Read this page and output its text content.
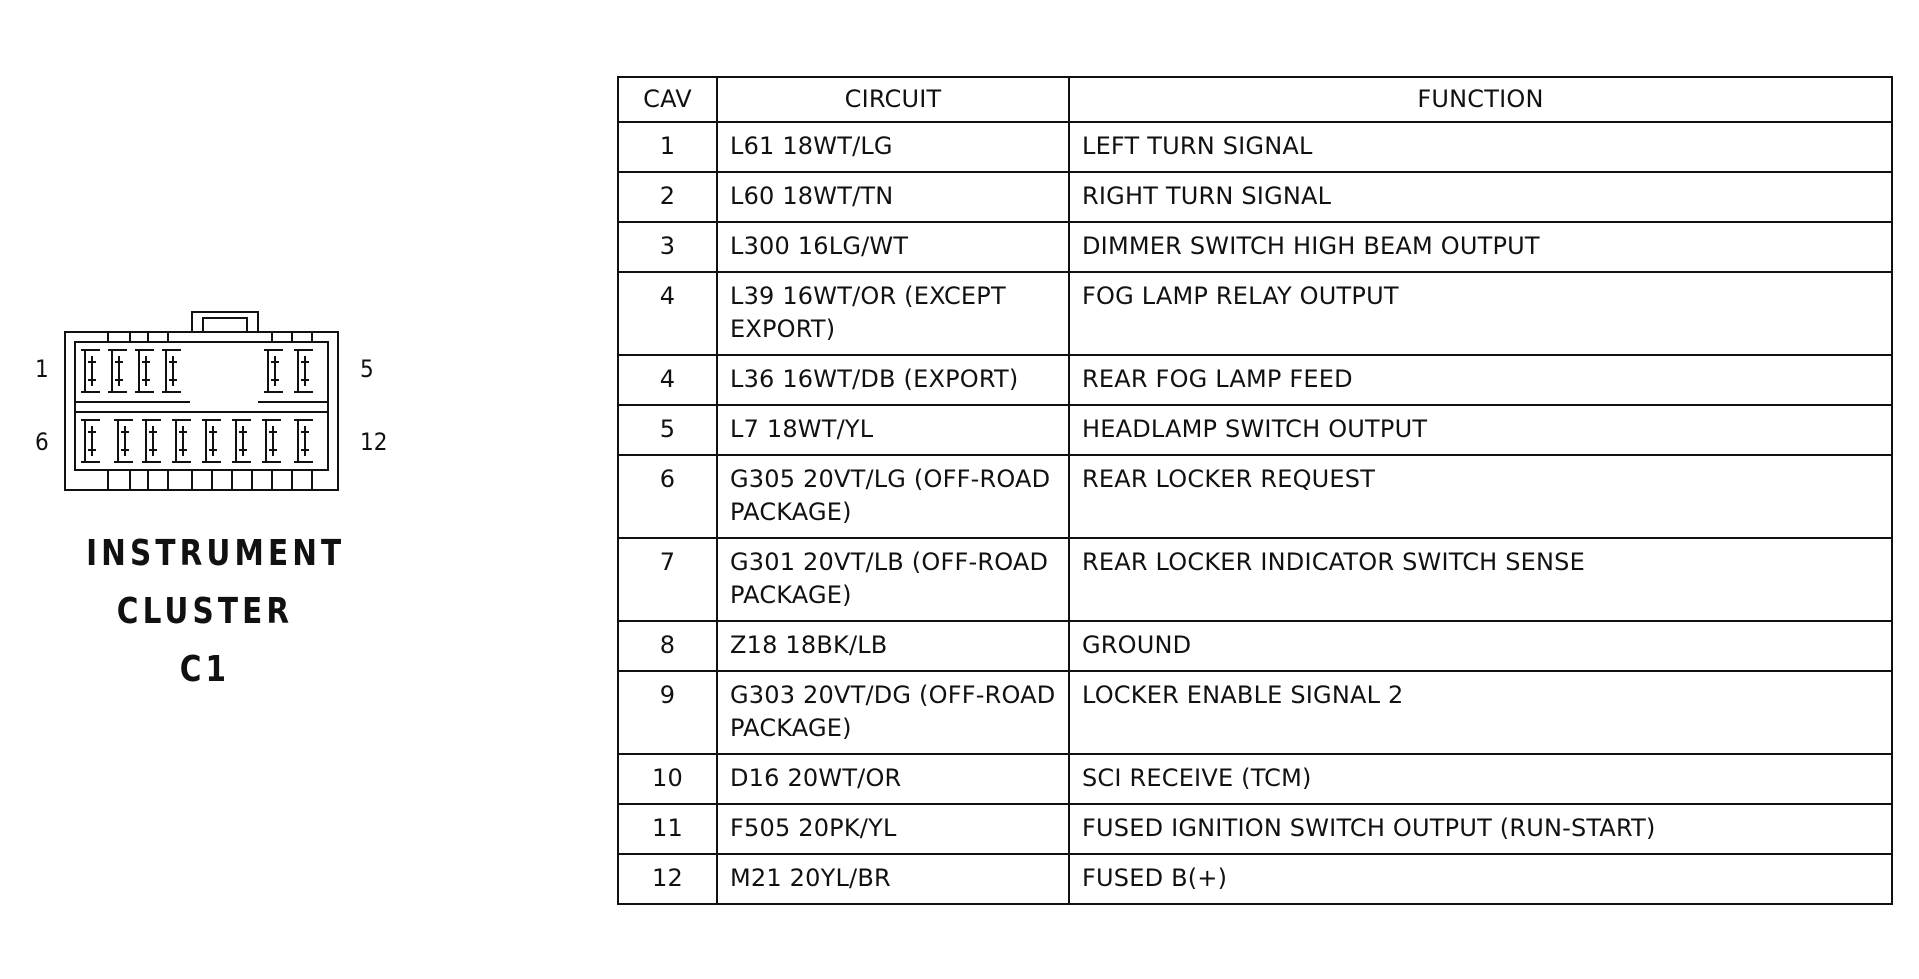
1	5
6	12
INSTRUMENT
CLUSTER C1
CAV	CIRCUIT	FUNCTION
1	L61 18WT/LG	LEFT TURN SIGNAL
2	L60 18WT/TN	RIGHT TURN SIGNAL
3	L300 16LG/WT	DIMMER SWITCH HIGH BEAM OUTPUT
4	L39 16WT/OR (EXCEPT EXPORT)	FOG LAMP RELAY OUTPUT
4	L36 16WT/DB (EXPORT)	REAR FOG LAMP FEED
5	L7 18WT/YL	HEADLAMP SWITCH OUTPUT
6	G305 20VT/LG (OFF-ROAD PACKAGE)	REAR LOCKER REQUEST
7	G301 20VT/LB (OFF-ROAD PACKAGE)	REAR LOCKER INDICATOR SWITCH SENSE
8	Z18 18BK/LB	GROUND
9	G303 20VT/DG (OFF-ROAD PACKAGE)	LOCKER ENABLE SIGNAL 2
10	D16 20WT/OR	SCI RECEIVE (TCM)
11	F505 20PK/YL	FUSED IGNITION SWITCH OUTPUT (RUN-START)
12	M21 20YL/BR	FUSED B(+)
